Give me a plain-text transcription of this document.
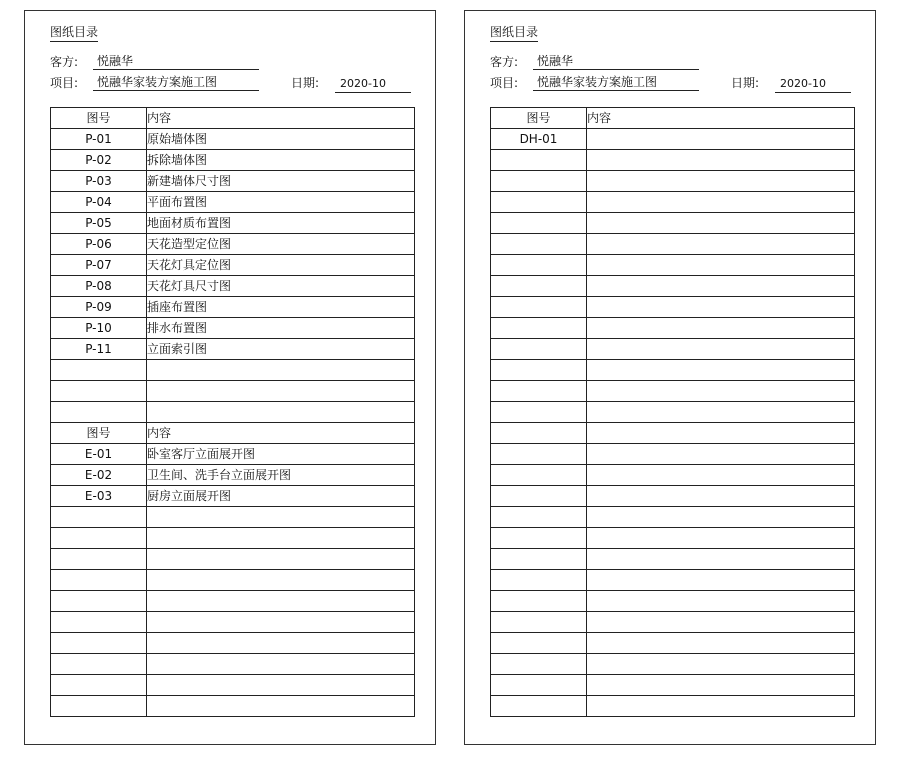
图纸目录
客方:	悦融华
项目:	悦融华家装方案施工图	日期:	2020-10
图号	内容
P-01	原始墙体图
P-02	拆除墙体图
P-03	新建墙体尺寸图
P-04	平面布置图
P-05	地面材质布置图
P-06	天花造型定位图
P-07	天花灯具定位图
P-08	天花灯具尺寸图
P-09	插座布置图
P-10	排水布置图
P-11	立面索引图

图号	内容
E-01	卧室客厅立面展开图
E-02	卫生间、洗手台立面展开图
E-03	厨房立面展开图

图纸目录
客方:	悦融华
项目:	悦融华家装方案施工图	日期:	2020-10
图号	内容
DH-01	
